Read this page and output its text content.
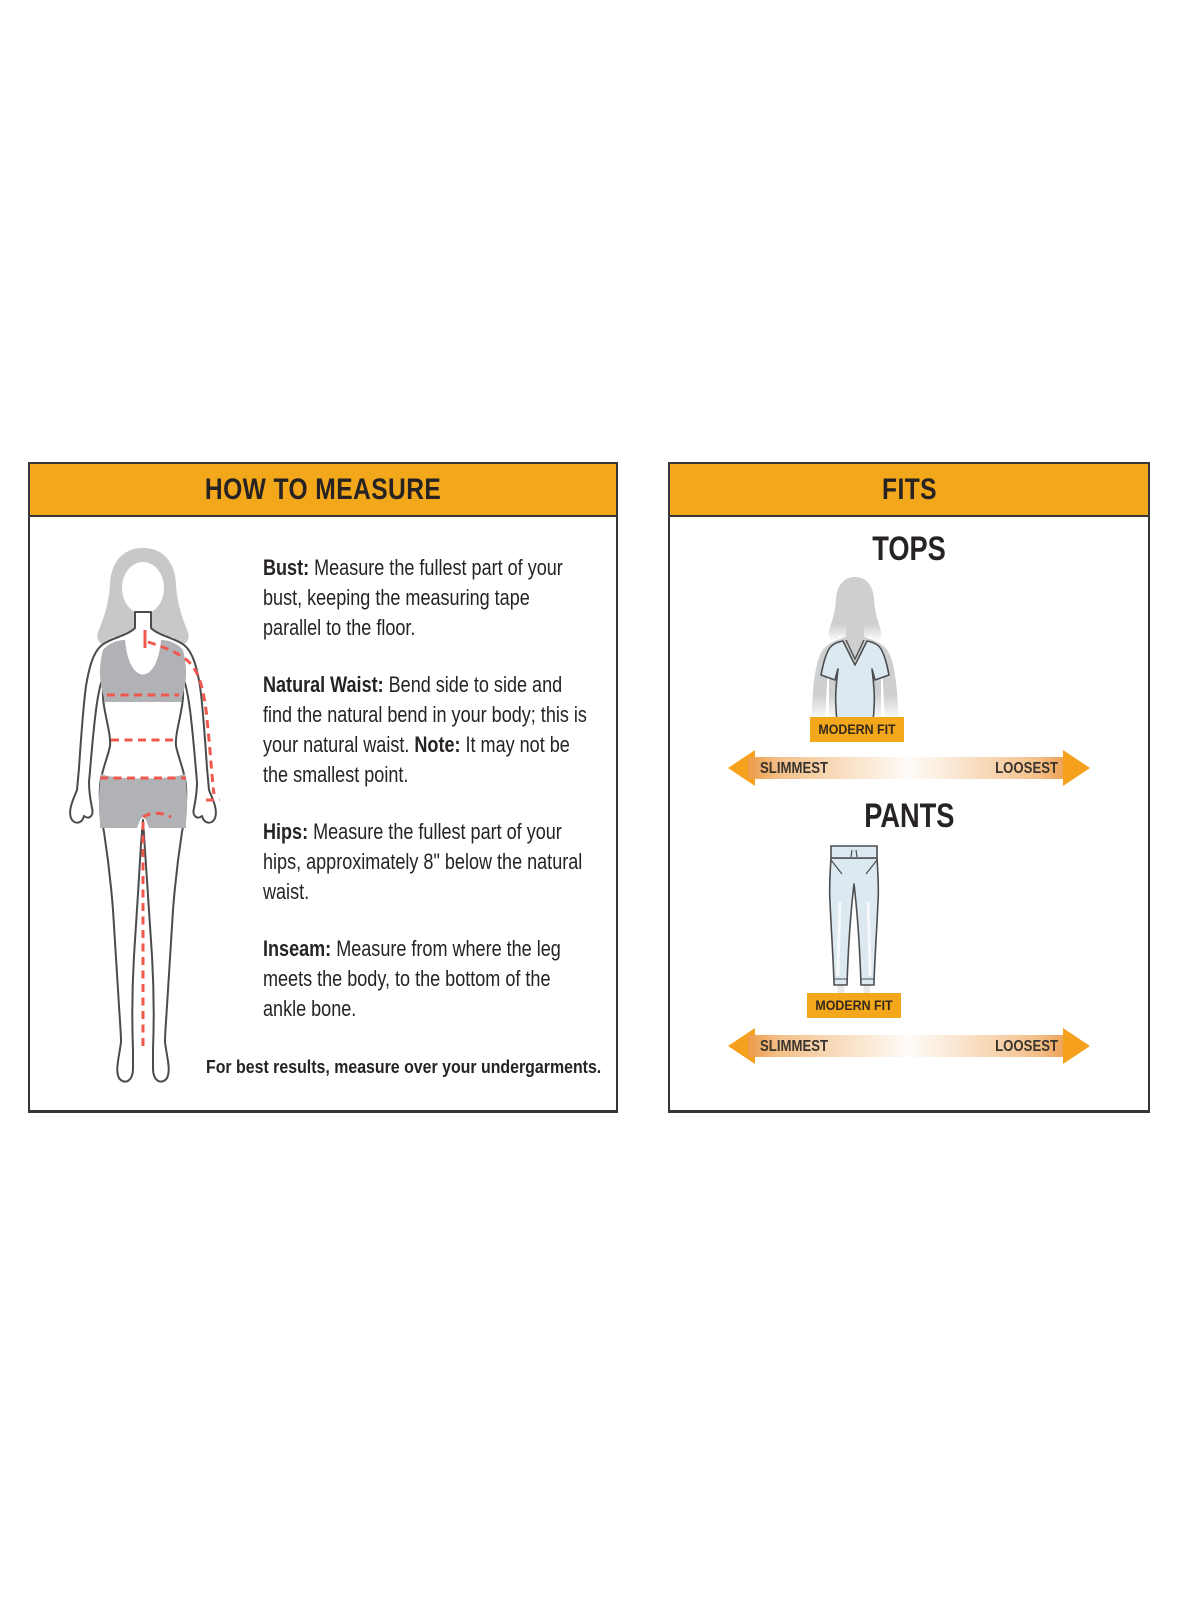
HOW TO MEASURE

Bust: Measure the fullest part of your bust, keeping the measuring tape parallel to the floor.

Natural Waist: Bend side to side and find the natural bend in your body; this is your natural waist. Note: It may not be the smallest point.

Hips: Measure the fullest part of your hips, approximately 8" below the natural waist.

Inseam: Measure from where the leg meets the body, to the bottom of the ankle bone.

For best results, measure over your undergarments.
FITS
TOPS
MODERN FIT
SLIMMEST	LOOSEST
PANTS
MODERN FIT
SLIMMEST	LOOSEST
